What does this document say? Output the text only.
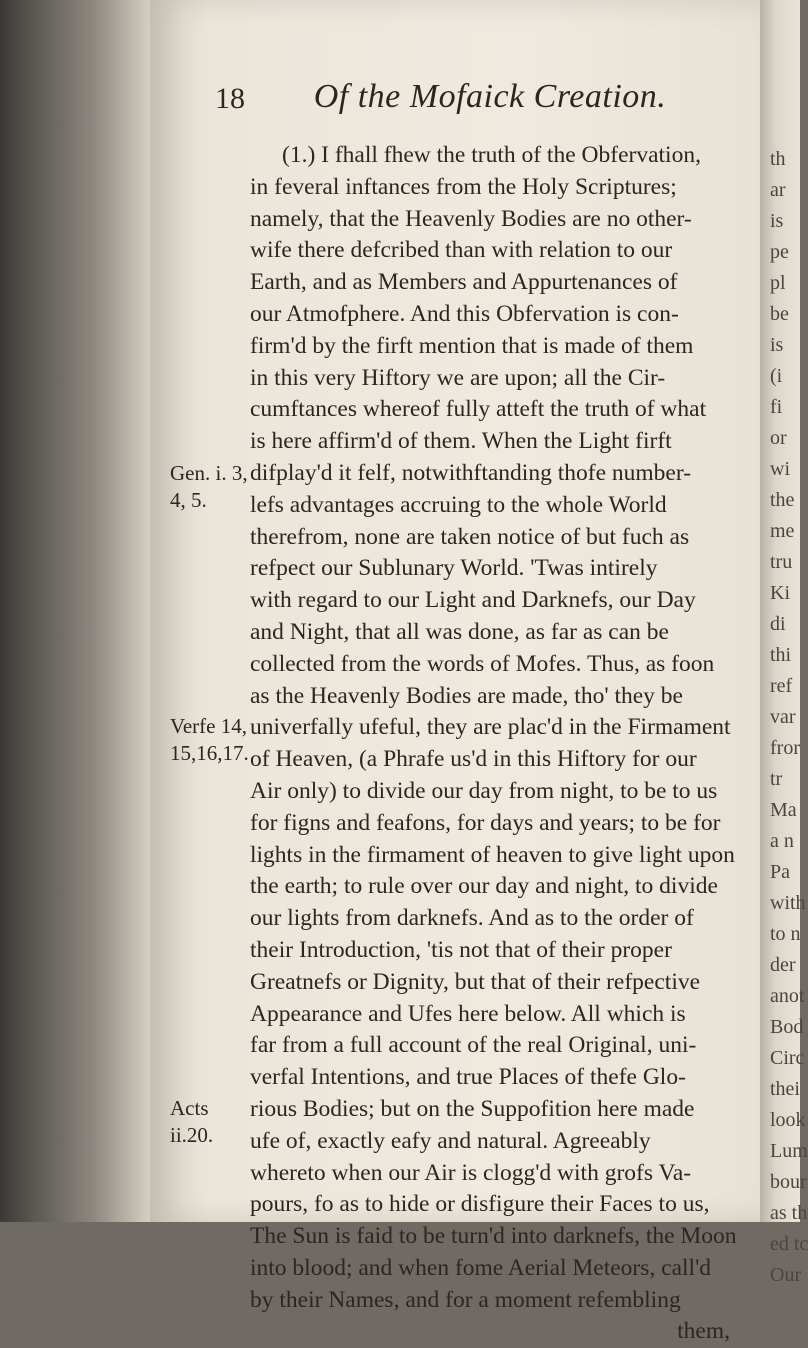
th
ar
is
pe
pl
be
is
(i
fi
or
wi
the
me
tru
Ki
di
thi
ref
var
fror
tr
Ma
a n
Pa
with
to n
der
anot
Bod
Circ
thei
look
Lum
bour
as th
ed tc
Our
18	Of the Mofaick Creation.
Gen. i. 3, 4, 5.
Verfe 14, 15,16,17.
Acts ii.20.
(1.) I fhall fhew the truth of the Obfervation,
in feveral inftances from the Holy Scriptures;
namely, that the Heavenly Bodies are no other-
wife there defcribed than with relation to our
Earth, and as Members and Appurtenances of
our Atmofphere. And this Obfervation is con-
firm'd by the firft mention that is made of them
in this very Hiftory we are upon; all the Cir-
cumftances whereof fully atteft the truth of what
is here affirm'd of them. When the Light firft
difplay'd it felf, notwithftanding thofe number-
lefs advantages accruing to the whole World
therefrom, none are taken notice of but fuch as
refpect our Sublunary World. 'Twas intirely
with regard to our Light and Darknefs, our Day
and Night, that all was done, as far as can be
collected from the words of Mofes. Thus, as foon
as the Heavenly Bodies are made, tho' they be
univerfally ufeful, they are plac'd in the Firmament
of Heaven, (a Phrafe us'd in this Hiftory for our
Air only) to divide our day from night, to be to us
for figns and feafons, for days and years; to be for
lights in the firmament of heaven to give light upon
the earth; to rule over our day and night, to divide
our lights from darknefs. And as to the order of
their Introduction, 'tis not that of their proper
Greatnefs or Dignity, but that of their refpective
Appearance and Ufes here below. All which is
far from a full account of the real Original, uni-
verfal Intentions, and true Places of thefe Glo-
rious Bodies; but on the Suppofition here made
ufe of, exactly eafy and natural. Agreeably
whereto when our Air is clogg'd with grofs Va-
pours, fo as to hide or disfigure their Faces to us,
The Sun is faid to be turn'd into darknefs, the Moon
into blood; and when fome Aerial Meteors, call'd
by their Names, and for a moment refembling
them,
